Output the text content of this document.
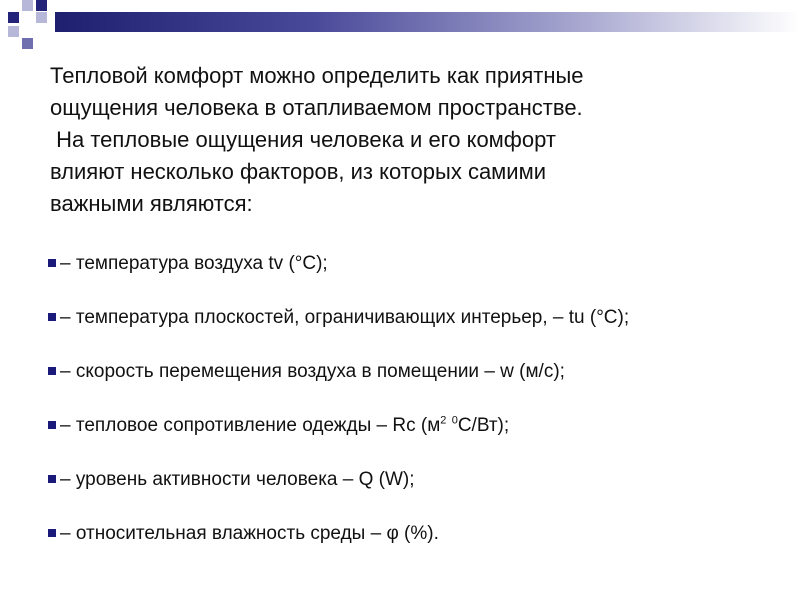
Тепловой комфорт можно определить как приятные

ощущения человека в отапливаемом пространстве.

На тепловые ощущения человека и его комфорт

влияют несколько факторов, из которых самими

важными являются:

– температура воздуха tv (°C);
– температура плоскостей, ограничивающих интерьер, – tu (°C);
– скорость перемещения воздуха в помещении – w (м/с);
– тепловое сопротивление одежды – Rc ($м^2$ $^0$C/Вт);
– уровень активности человека – Q (W);
– относительная влажность среды – φ (%).
